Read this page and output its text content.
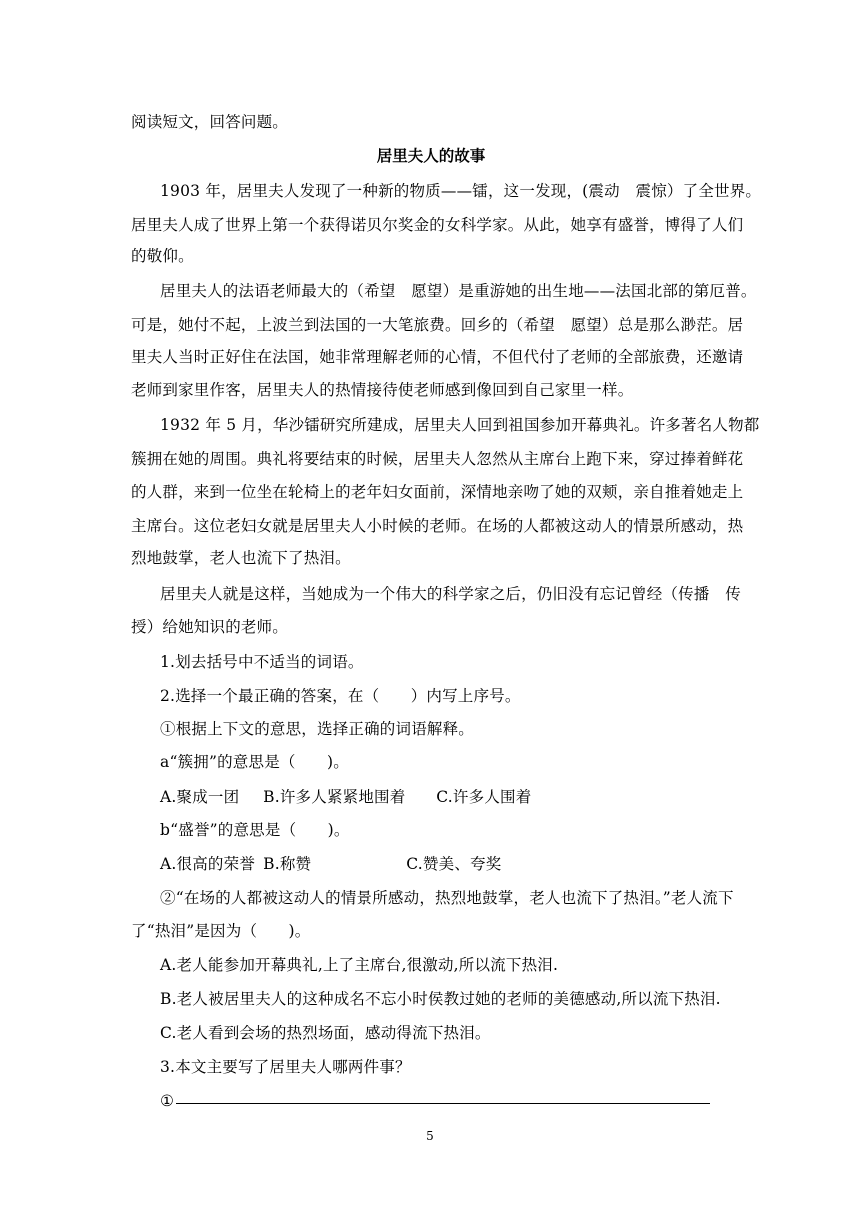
阅读短文，回答问题。
居里夫人的故事
1903 年，居里夫人发现了一种新的物质——镭，这一发现，(震动　震惊）了全世界。
居里夫人成了世界上第一个获得诺贝尔奖金的女科学家。从此，她享有盛誉，博得了人们
的敬仰。
居里夫人的法语老师最大的（希望　愿望）是重游她的出生地——法国北部的第厄普。
可是，她付不起，上波兰到法国的一大笔旅费。回乡的（希望　愿望）总是那么渺茫。居
里夫人当时正好住在法国，她非常理解老师的心情，不但代付了老师的全部旅费，还邀请
老师到家里作客，居里夫人的热情接待使老师感到像回到自己家里一样。
1932 年 5 月，华沙镭研究所建成，居里夫人回到祖国参加开幕典礼。许多著名人物都
簇拥在她的周围。典礼将要结束的时候，居里夫人忽然从主席台上跑下来，穿过捧着鲜花
的人群，来到一位坐在轮椅上的老年妇女面前，深情地亲吻了她的双颊，亲自推着她走上
主席台。这位老妇女就是居里夫人小时候的老师。在场的人都被这动人的情景所感动，热
烈地鼓掌，老人也流下了热泪。
居里夫人就是这样，当她成为一个伟大的科学家之后，仍旧没有忘记曾经（传播　传
授）给她知识的老师。
1.划去括号中不适当的词语。
2.选择一个最正确的答案，在（　　）内写上序号。
①根据上下文的意思，选择正确的词语解释。
a“簇拥”的意思是（　　)。
A.聚成一团 B.许多人紧紧地围着 C.许多人围着
b“盛誉”的意思是（　　)。
A.很高的荣誉 B.称赞	C.赞美、夸奖
②“在场的人都被这动人的情景所感动，热烈地鼓掌，老人也流下了热泪。”老人流下
了“热泪”是因为（　　)。
A.老人能参加开幕典礼,上了主席台,很激动,所以流下热泪.
B.老人被居里夫人的这种成名不忘小时侯教过她的老师的美德感动,所以流下热泪.
C.老人看到会场的热烈场面，感动得流下热泪。
3.本文主要写了居里夫人哪两件事？
①
5
